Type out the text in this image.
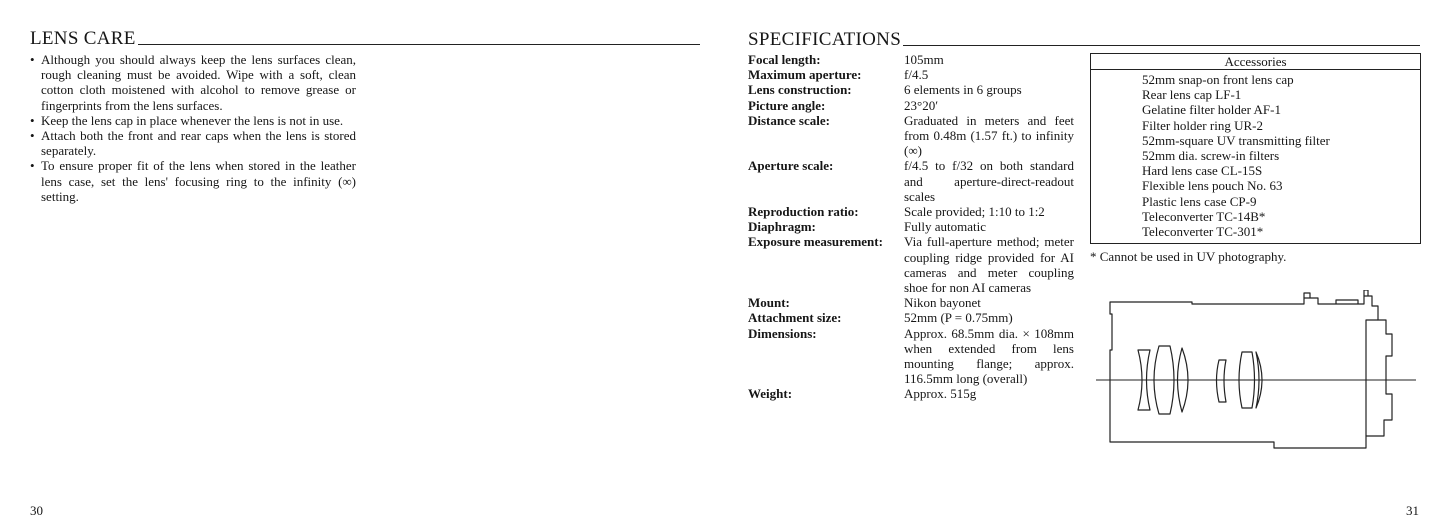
LENS CARE
• Although you should always keep the lens surfaces clean, rough cleaning must be avoided. Wipe with a soft, clean cotton cloth moistened with alcohol to remove grease or fingerprints from the lens surfaces.
• Keep the lens cap in place whenever the lens is not in use.
• Attach both the front and rear caps when the lens is stored separately.
• To ensure proper fit of the lens when stored in the leather lens case, set the lens' focusing ring to the infinity (∞) setting.
30
SPECIFICATIONS
Focal length:	105mm
Maximum aperture:	f/4.5
Lens construction:	6 elements in 6 groups
Picture angle:	23°20′
Distance scale:	Graduated in meters and feet from 0.48m (1.57 ft.) to infinity (∞)
Aperture scale:	f/4.5 to f/32 on both standard and aperture-direct-readout scales
Reproduction ratio:	Scale provided; 1:10 to 1:2
Diaphragm:	Fully automatic
Exposure measurement:	Via full-aperture method; meter coupling ridge provided for AI cameras and meter coupling shoe for non AI cameras
Mount:	Nikon bayonet
Attachment size:	52mm (P = 0.75mm)
Dimensions:	Approx. 68.5mm dia. × 108mm when extended from lens mounting flange; approx. 116.5mm long (overall)
Weight:	Approx. 515g
Accessories
52mm snap-on front lens cap
Rear lens cap LF-1
Gelatine filter holder AF-1
Filter holder ring UR-2
52mm-square UV transmitting filter
52mm dia. screw-in filters
Hard lens case CL-15S
Flexible lens pouch No. 63
Plastic lens case CP-9
Teleconverter TC-14B*
Teleconverter TC-301*
* Cannot be used in UV photography.
31
